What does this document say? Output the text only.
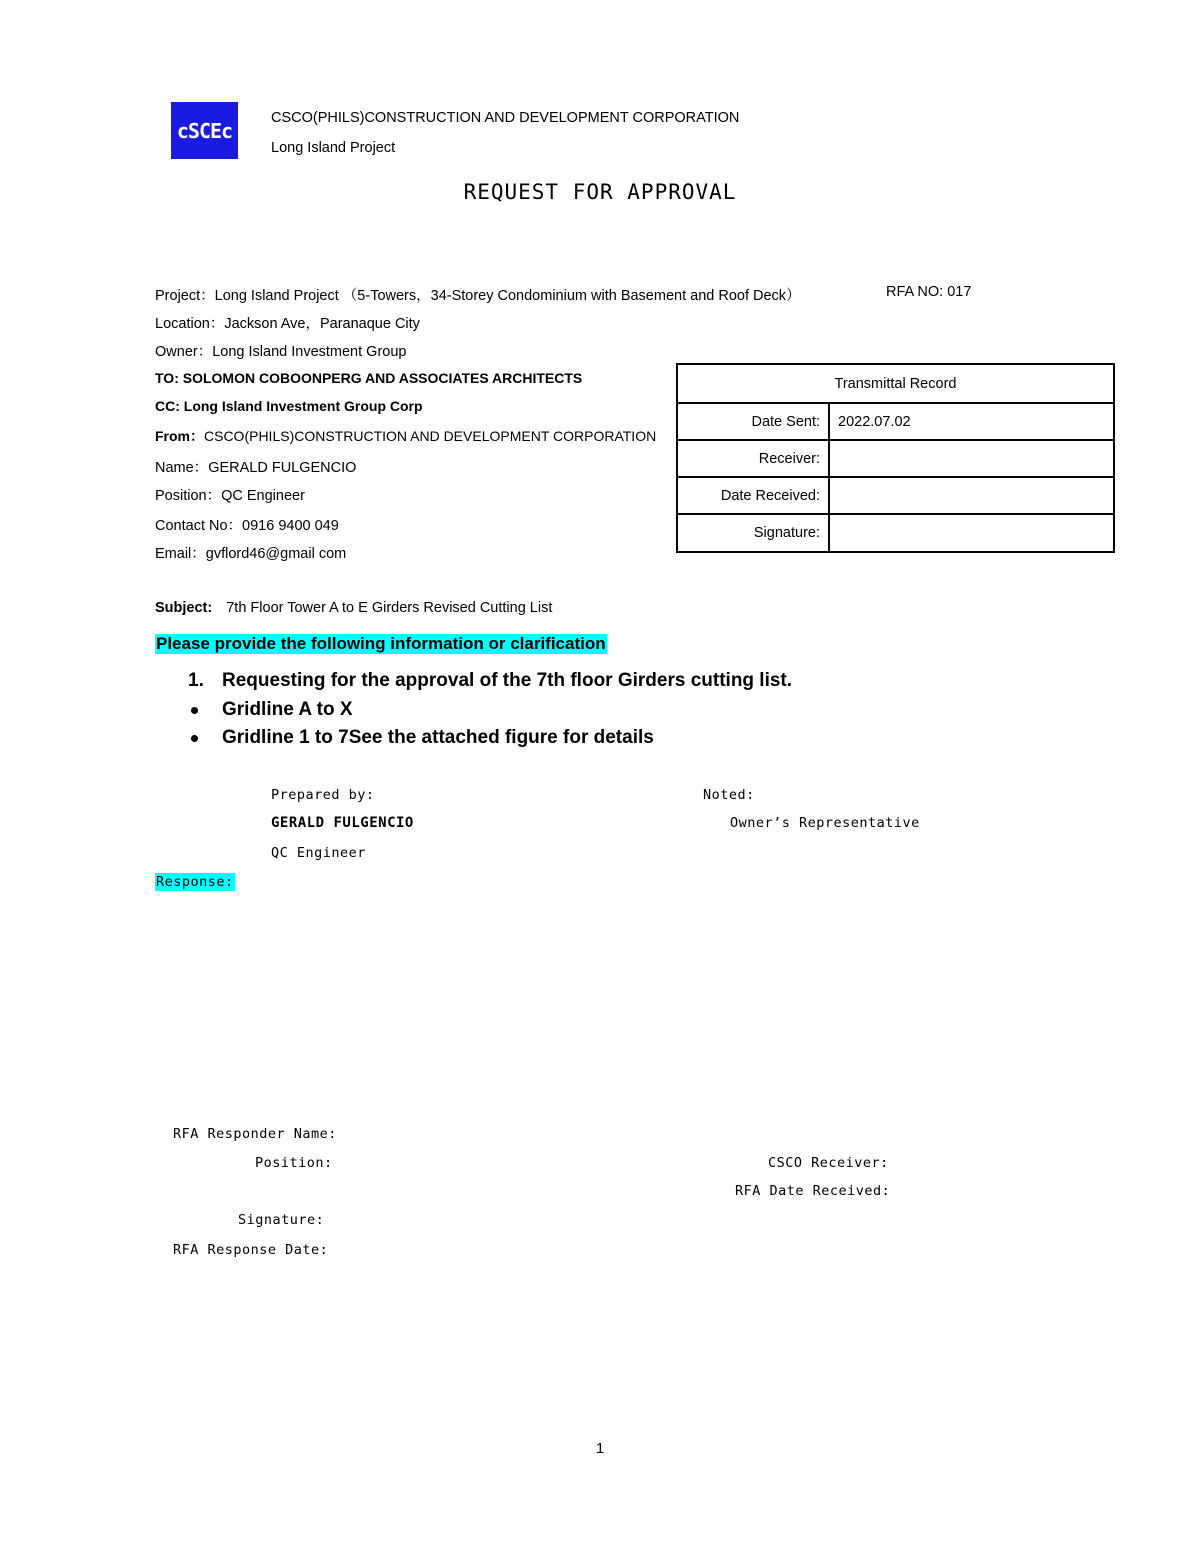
cSCEc
CSCO(PHILS)CONSTRUCTION AND DEVELOPMENT CORPORATION
Long Island Project
REQUEST FOR APPROVAL
Project：Long Island Project （5-Towers，34-Storey Condominium with Basement and Roof Deck）	RFA NO: 017
Location：Jackson Ave，Paranaque City
Owner：Long Island Investment Group
TO: SOLOMON COBOONPERG AND ASSOCIATES ARCHITECTS
CC: Long Island Investment Group Corp
From：CSCO(PHILS)CONSTRUCTION AND DEVELOPMENT CORPORATION
Name：GERALD FULGENCIO
Position：QC Engineer
Contact No：0916 9400 049
Email：gvflord46@gmail com
Transmittal Record	
Date Sent:	2022.07.02
Receiver:	
Date Received:	
Signature:	
Subject: 7th Floor Tower A to E Girders Revised Cutting List
Please provide the following information or clarification
1. Requesting for the approval of the 7th floor Girders cutting list.
Gridline A to X
Gridline 1 to 7See the attached figure for details
Prepared by:
GERALD FULGENCIO
QC Engineer
Noted:
Owner’s Representative
Response:
RFA Responder Name:
Position:
Signature:
RFA Response Date:
CSCO Receiver:
RFA Date Received:
1
